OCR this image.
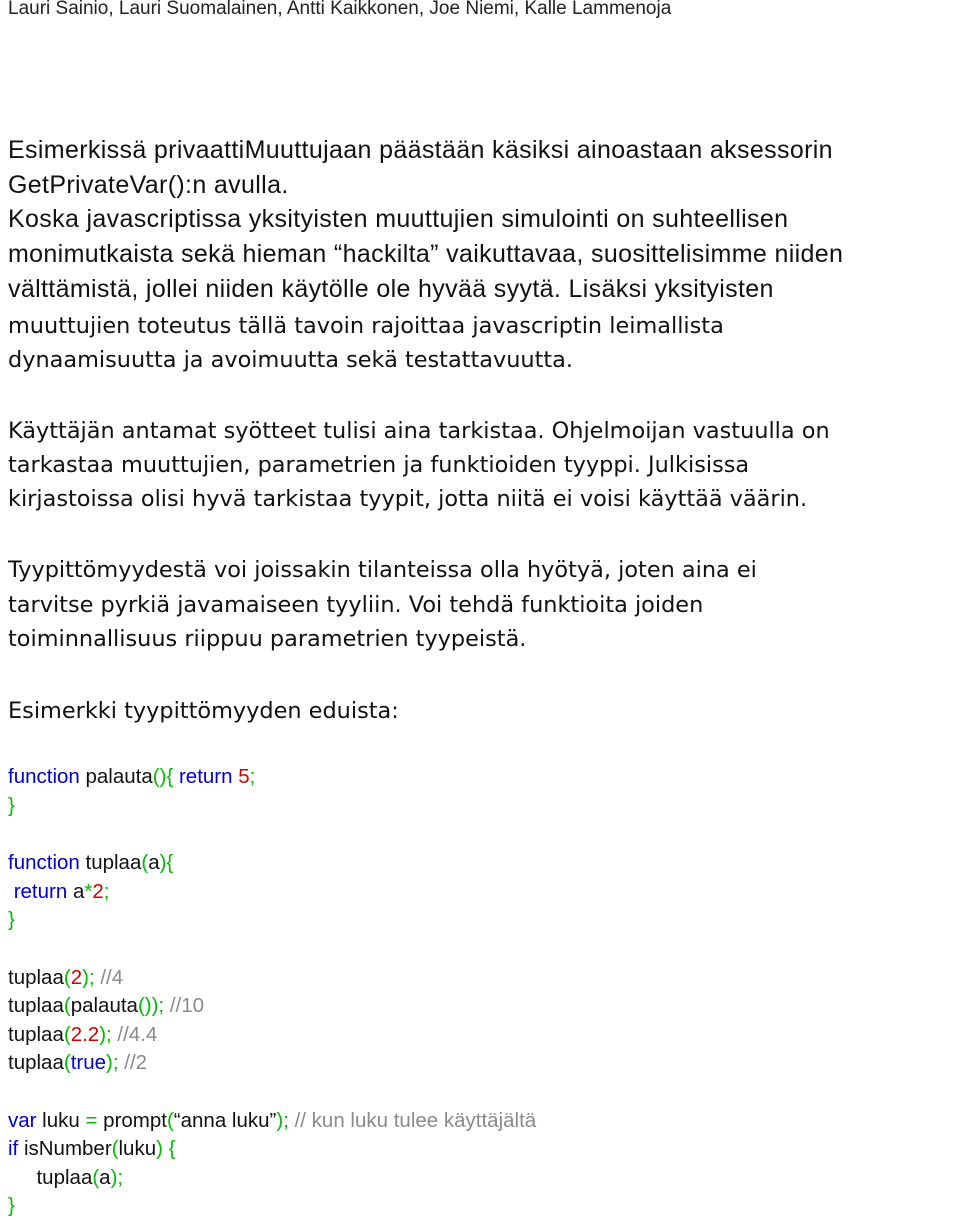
Lauri Sainio, Lauri Suomalainen, Antti Kaikkonen, Joe Niemi, Kalle Lammenoja
Esimerkissä privaattiMuuttujaan päästään käsiksi ainoastaan aksessorin
GetPrivateVar():n avulla.
Koska javascriptissa yksityisten muuttujien simulointi on suhteellisen
monimutkaista sekä hieman “hackilta” vaikuttavaa, suosittelisimme niiden
välttämistä, jollei niiden käytölle ole hyvää syytä. Lisäksi yksityisten
muuttujien toteutus tällä tavoin rajoittaa javascriptin leimallista
dynaamisuutta ja avoimuutta sekä testattavuutta.
Käyttäjän antamat syötteet tulisi aina tarkistaa. Ohjelmoijan vastuulla on
tarkastaa muuttujien, parametrien ja funktioiden tyyppi. Julkisissa
kirjastoissa olisi hyvä tarkistaa tyypit, jotta niitä ei voisi käyttää väärin.
Tyypittömyydestä voi joissakin tilanteissa olla hyötyä, joten aina ei
tarvitse pyrkiä javamaiseen tyyliin. Voi tehdä funktioita joiden
toiminnallisuus riippuu parametrien tyypeistä.
Esimerkki tyypittömyyden eduista:
function palauta(){ return 5;
}
function tuplaa(a){
return a*2;
}
tuplaa(2); //4
tuplaa(palauta()); //10
tuplaa(2.2); //4.4
tuplaa(true); //2
var luku = prompt(“anna luku”); // kun luku tulee käyttäjältä
if isNumber(luku) {
tuplaa(a);
}
